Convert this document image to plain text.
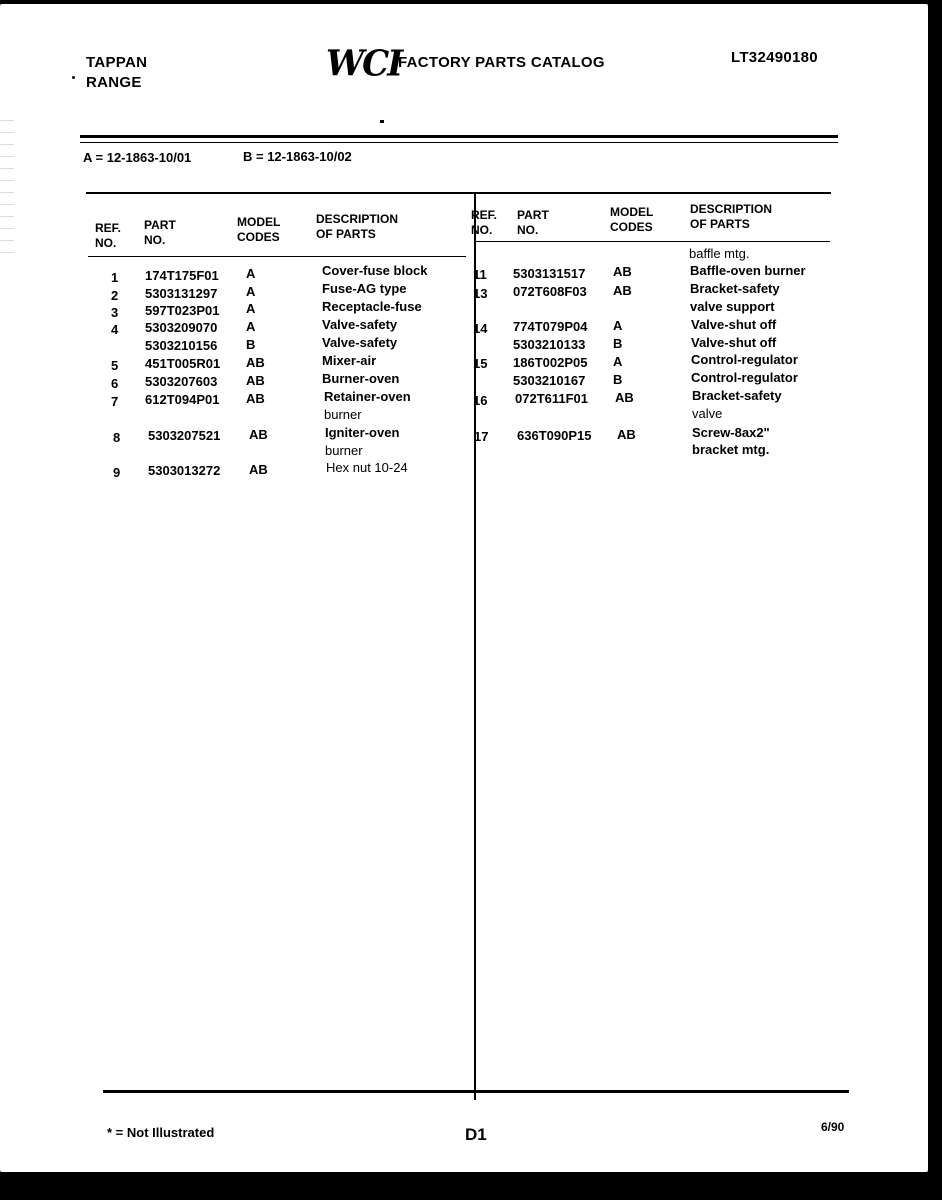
TAPPAN
RANGE	WCI
FACTORY PARTS CATALOG	LT32490180
A = 12-1863-10/01	B = 12-1863-10/02
REF.
NO.
PART
NO.
MODEL
CODES
DESCRIPTION
OF PARTS
REF.
NO.
PART
NO.
MODEL
CODES
DESCRIPTION
OF PARTS
1 174T175F01 A	Cover-fuse block
2 5303131297 A	Fuse-AG type
3 597T023P01 A	Receptacle-fuse
4 5303209070 A	Valve-safety
5303210156 B	Valve-safety
5 451T005R01 AB	Mixer-air
6 5303207603 AB	Burner-oven
7 612T094P01 AB	Retainer-oven
burner
8 5303207521 AB	Igniter-oven
burner
9 5303013272 AB	Hex nut 10-24
baffle mtg.
11 5303131517 AB	Baffle-oven burner
13 072T608F03 AB	Bracket-safety
valve support
14 774T079P04 A	Valve-shut off
5303210133 B	Valve-shut off
15 186T002P05 A	Control-regulator
5303210167 B	Control-regulator
16 072T611F01 AB	Bracket-safety
valve
17 636T090P15 AB	Screw-8ax2"
bracket mtg.
* = Not Illustrated	D1	6/90
